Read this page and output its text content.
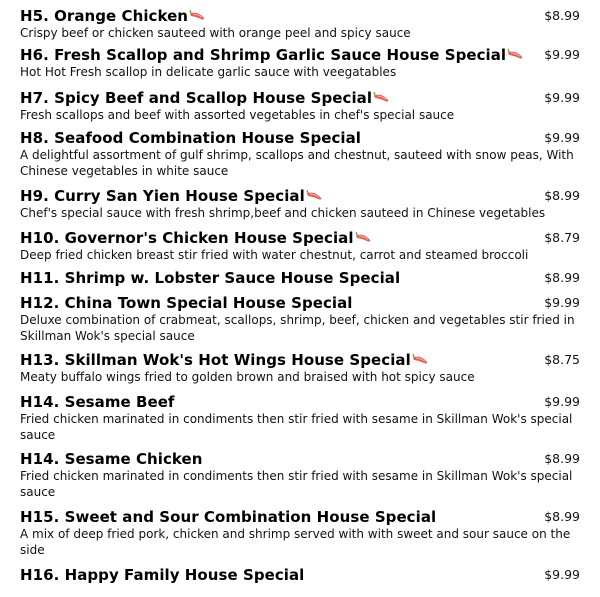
H5. Orange Chicken	$8.99
Crispy beef or chicken sauteed with orange peel and spicy sauce
H6. Fresh Scallop and Shrimp Garlic Sauce House Special	$9.99
Hot Hot Fresh scallop in delicate garlic sauce with veegatables
H7. Spicy Beef and Scallop House Special	$9.99
Fresh scallops and beef with assorted vegetables in chef's special sauce
H8. Seafood Combination House Special	$9.99
A delightful assortment of gulf shrimp, scallops and chestnut, sauteed with snow peas, With Chinese vegetables in white sauce
H9. Curry San Yien House Special	$8.99
Chef's special sauce with fresh shrimp,beef and chicken sauteed in Chinese vegetables
H10. Governor's Chicken House Special	$8.79
Deep fried chicken breast stir fried with water chestnut, carrot and steamed broccoli
H11. Shrimp w. Lobster Sauce House Special	$8.99
H12. China Town Special House Special	$9.99
Deluxe combination of crabmeat, scallops, shrimp, beef, chicken and vegetables stir fried in Skillman Wok's special sauce
H13. Skillman Wok's Hot Wings House Special	$8.75
Meaty buffalo wings fried to golden brown and braised with hot spicy sauce
H14. Sesame Beef	$9.99
Fried chicken marinated in condiments then stir fried with sesame in Skillman Wok's special sauce
H14. Sesame Chicken	$8.99
Fried chicken marinated in condiments then stir fried with sesame in Skillman Wok's special sauce
H15. Sweet and Sour Combination House Special	$8.99
A mix of deep fried pork, chicken and shrimp served with with sweet and sour sauce on the side
H16. Happy Family House Special	$9.99
